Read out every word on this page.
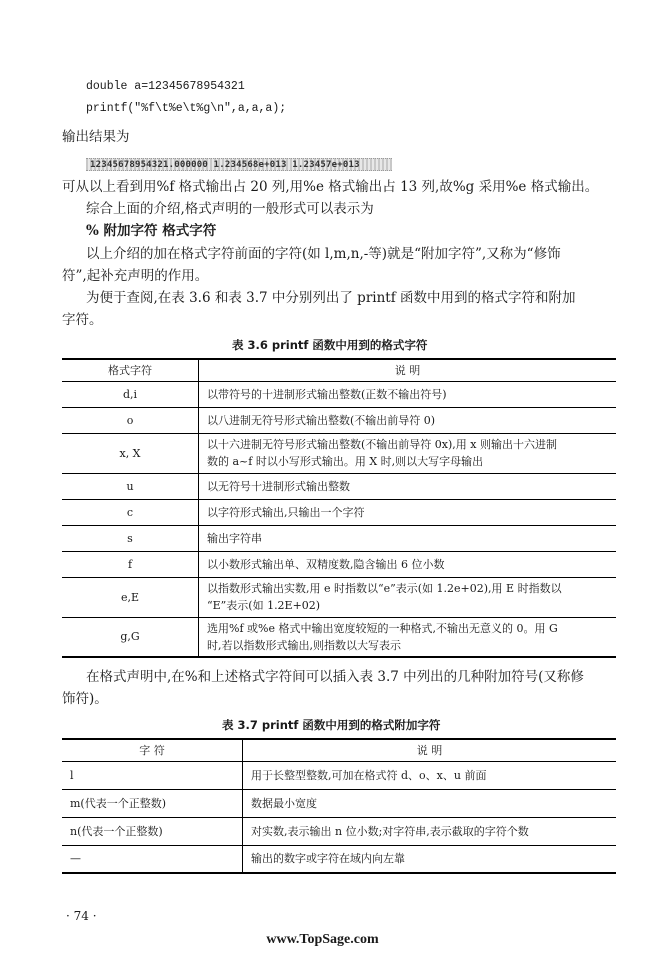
double a=12345678954321
printf("%f\t%e\t%g\n",a,a,a);
输出结果为
12345678954321.000000 1.234568e+013 1.23457e+013
可从以上看到用%f 格式输出占 20 列,用%e 格式输出占 13 列,故%g 采用%e 格式输出。
综合上面的介绍,格式声明的一般形式可以表示为
% 附加字符 格式字符
以上介绍的加在格式字符前面的字符(如 l,m,n,-等)就是“附加字符”,又称为“修饰
符”,起补充声明的作用。
为便于查阅,在表 3.6 和表 3.7 中分别列出了 printf 函数中用到的格式字符和附加
字符。
表 3.6 printf 函数中用到的格式字符
格式字符	说 明
d,i	以带符号的十进制形式输出整数(正数不输出符号)
o	以八进制无符号形式输出整数(不输出前导符 0)
x, X	以十六进制无符号形式输出整数(不输出前导符 0x),用 x 则输出十六进制
数的 a~f 时以小写形式输出。用 X 时,则以大写字母输出
u	以无符号十进制形式输出整数
c	以字符形式输出,只输出一个字符
s	输出字符串
f	以小数形式输出单、双精度数,隐含输出 6 位小数
e,E	以指数形式输出实数,用 e 时指数以“e”表示(如 1.2e+02),用 E 时指数以
“E”表示(如 1.2E+02)
g,G	选用%f 或%e 格式中输出宽度较短的一种格式,不输出无意义的 0。用 G
时,若以指数形式输出,则指数以大写表示
在格式声明中,在%和上述格式字符间可以插入表 3.7 中列出的几种附加符号(又称修
饰符)。
表 3.7 printf 函数中用到的格式附加字符
字 符	说 明
l	用于长整型整数,可加在格式符 d、o、x、u 前面
m(代表一个正整数)	数据最小宽度
n(代表一个正整数)	对实数,表示输出 n 位小数;对字符串,表示截取的字符个数
—	输出的数字或字符在域内向左靠
· 74 ·
www.TopSage.com
